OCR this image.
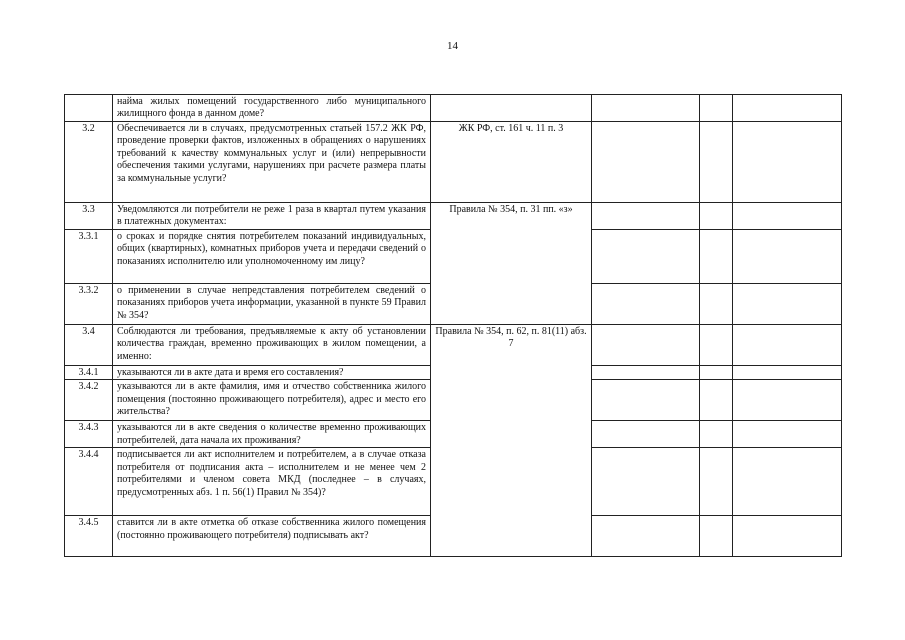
14
	найма жилых помещений государственного либо муниципального жилищного фонда в данном доме?				
3.2	Обеспечивается ли в случаях, предусмотренных статьей 157.2 ЖК РФ, проведение проверки фактов, изложенных в обращениях о нарушениях требований к качеству коммунальных услуг и (или) непрерывности обеспечения такими услугами, нарушениях при расчете размера платы за коммунальные услуги?	ЖК РФ, ст. 161 ч. 11 п. 3			
3.3	Уведомляются ли потребители не реже 1 раза в квартал путем указания в платежных документах:	Правила № 354, п. 31 пп. «з»			
3.3.1	о сроках и порядке снятия потребителем показаний индивидуальных, общих (квартирных), комнатных приборов учета и передачи сведений о показаниях исполнителю или уполномоченному им лицу?				
3.3.2	о применении в случае непредставления потребителем сведений о показаниях приборов учета информации, указанной в пункте 59 Правил № 354?				
3.4	Соблюдаются ли требования, предъявляемые к акту об установлении количества граждан, временно проживающих в жилом помещении, а именно:	Правила № 354, п. 62, п. 81(11) абз. 7			
3.4.1	указываются ли в акте дата и время его составления?				
3.4.2	указываются ли в акте фамилия, имя и отчество собственника жилого помещения (постоянно проживающего потребителя), адрес и место его жительства?				
3.4.3	указываются ли в акте сведения о количестве временно проживающих потребителей, дата начала их проживания?				
3.4.4	подписывается ли акт исполнителем и потребителем, а в случае отказа потребителя от подписания акта – исполнителем и не менее чем 2 потребителями и членом совета МКД (последнее – в случаях, предусмотренных абз. 1 п. 56(1) Правил № 354)?				
3.4.5	ставится ли в акте отметка об отказе собственника жилого помещения (постоянно проживающего потребителя) подписывать акт?				
